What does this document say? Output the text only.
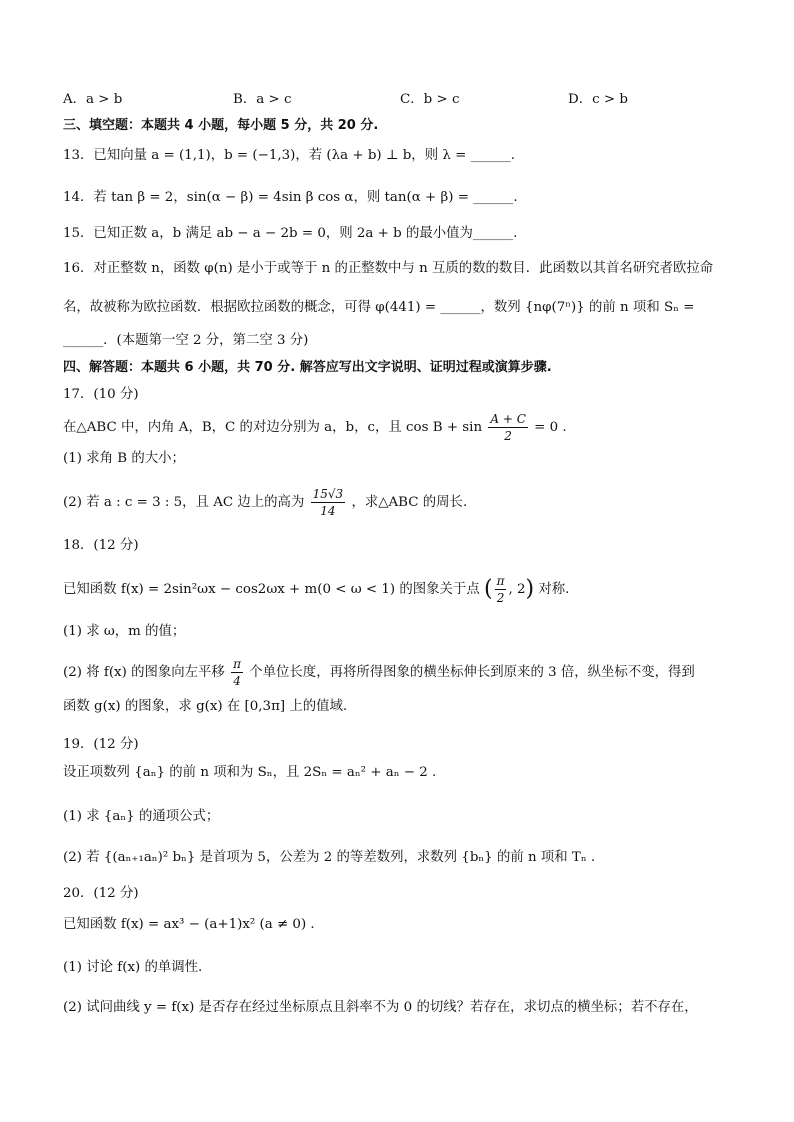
A．a > b	B．a > c	C．b > c	D．c > b
三、填空题：本题共 4 小题，每小题 5 分，共 20 分.
13．已知向量 a = (1,1)，b = (−1,3)，若 (λa + b) ⊥ b，则 λ = ______.
14．若 tan β = 2，sin(α − β) = 4sin β cos α，则 tan(α + β) = ______.
15．已知正数 a，b 满足 ab − a − 2b = 0，则 2a + b 的最小值为______.
16．对正整数 n，函数 φ(n) 是小于或等于 n 的正整数中与 n 互质的数的数目．此函数以其首名研究者欧拉命
名，故被称为欧拉函数．根据欧拉函数的概念，可得 φ(441) = ______，数列 {nφ(7ⁿ)} 的前 n 项和 Sₙ =
______．(本题第一空 2 分，第二空 3 分)
四、解答题：本题共 6 小题，共 70 分. 解答应写出文字说明、证明过程或演算步骤.
17．(10 分)
在△ABC 中，内角 A，B，C 的对边分别为 a，b，c，且 $\cos B + \sin \frac{A + C}{2} = 0$ .
(1) 求角 B 的大小；
(2) 若 a : c = 3 : 5，且 AC 边上的高为 $\frac{15√3}{14}$ ，求△ABC 的周长.
18．(12 分)
已知函数 f(x) = 2sin²ωx − cos2ωx + m(0 < ω < 1) 的图象关于点 ( $\frac{\pi}{2}$ , 2) 对称.
(1) 求 ω，m 的值；
(2) 将 f(x) 的图象向左平移 $\frac{\pi}{4}$ 个单位长度，再将所得图象的横坐标伸长到原来的 3 倍，纵坐标不变，得到
函数 g(x) 的图象，求 g(x) 在 [0,3π] 上的值域.
19．(12 分)
设正项数列 {aₙ} 的前 n 项和为 Sₙ，且 2Sₙ = aₙ² + aₙ − 2 .
(1) 求 {aₙ} 的通项公式；
(2) 若 {(aₙ₊₁aₙ)² bₙ} 是首项为 5，公差为 2 的等差数列，求数列 {bₙ} 的前 n 项和 Tₙ .
20．(12 分)
已知函数 f(x) = ax³ − (a+1)x² (a ≠ 0) .
(1) 讨论 f(x) 的单调性.
(2) 试问曲线 y = f(x) 是否存在经过坐标原点且斜率不为 0 的切线？若存在，求切点的横坐标；若不存在，
